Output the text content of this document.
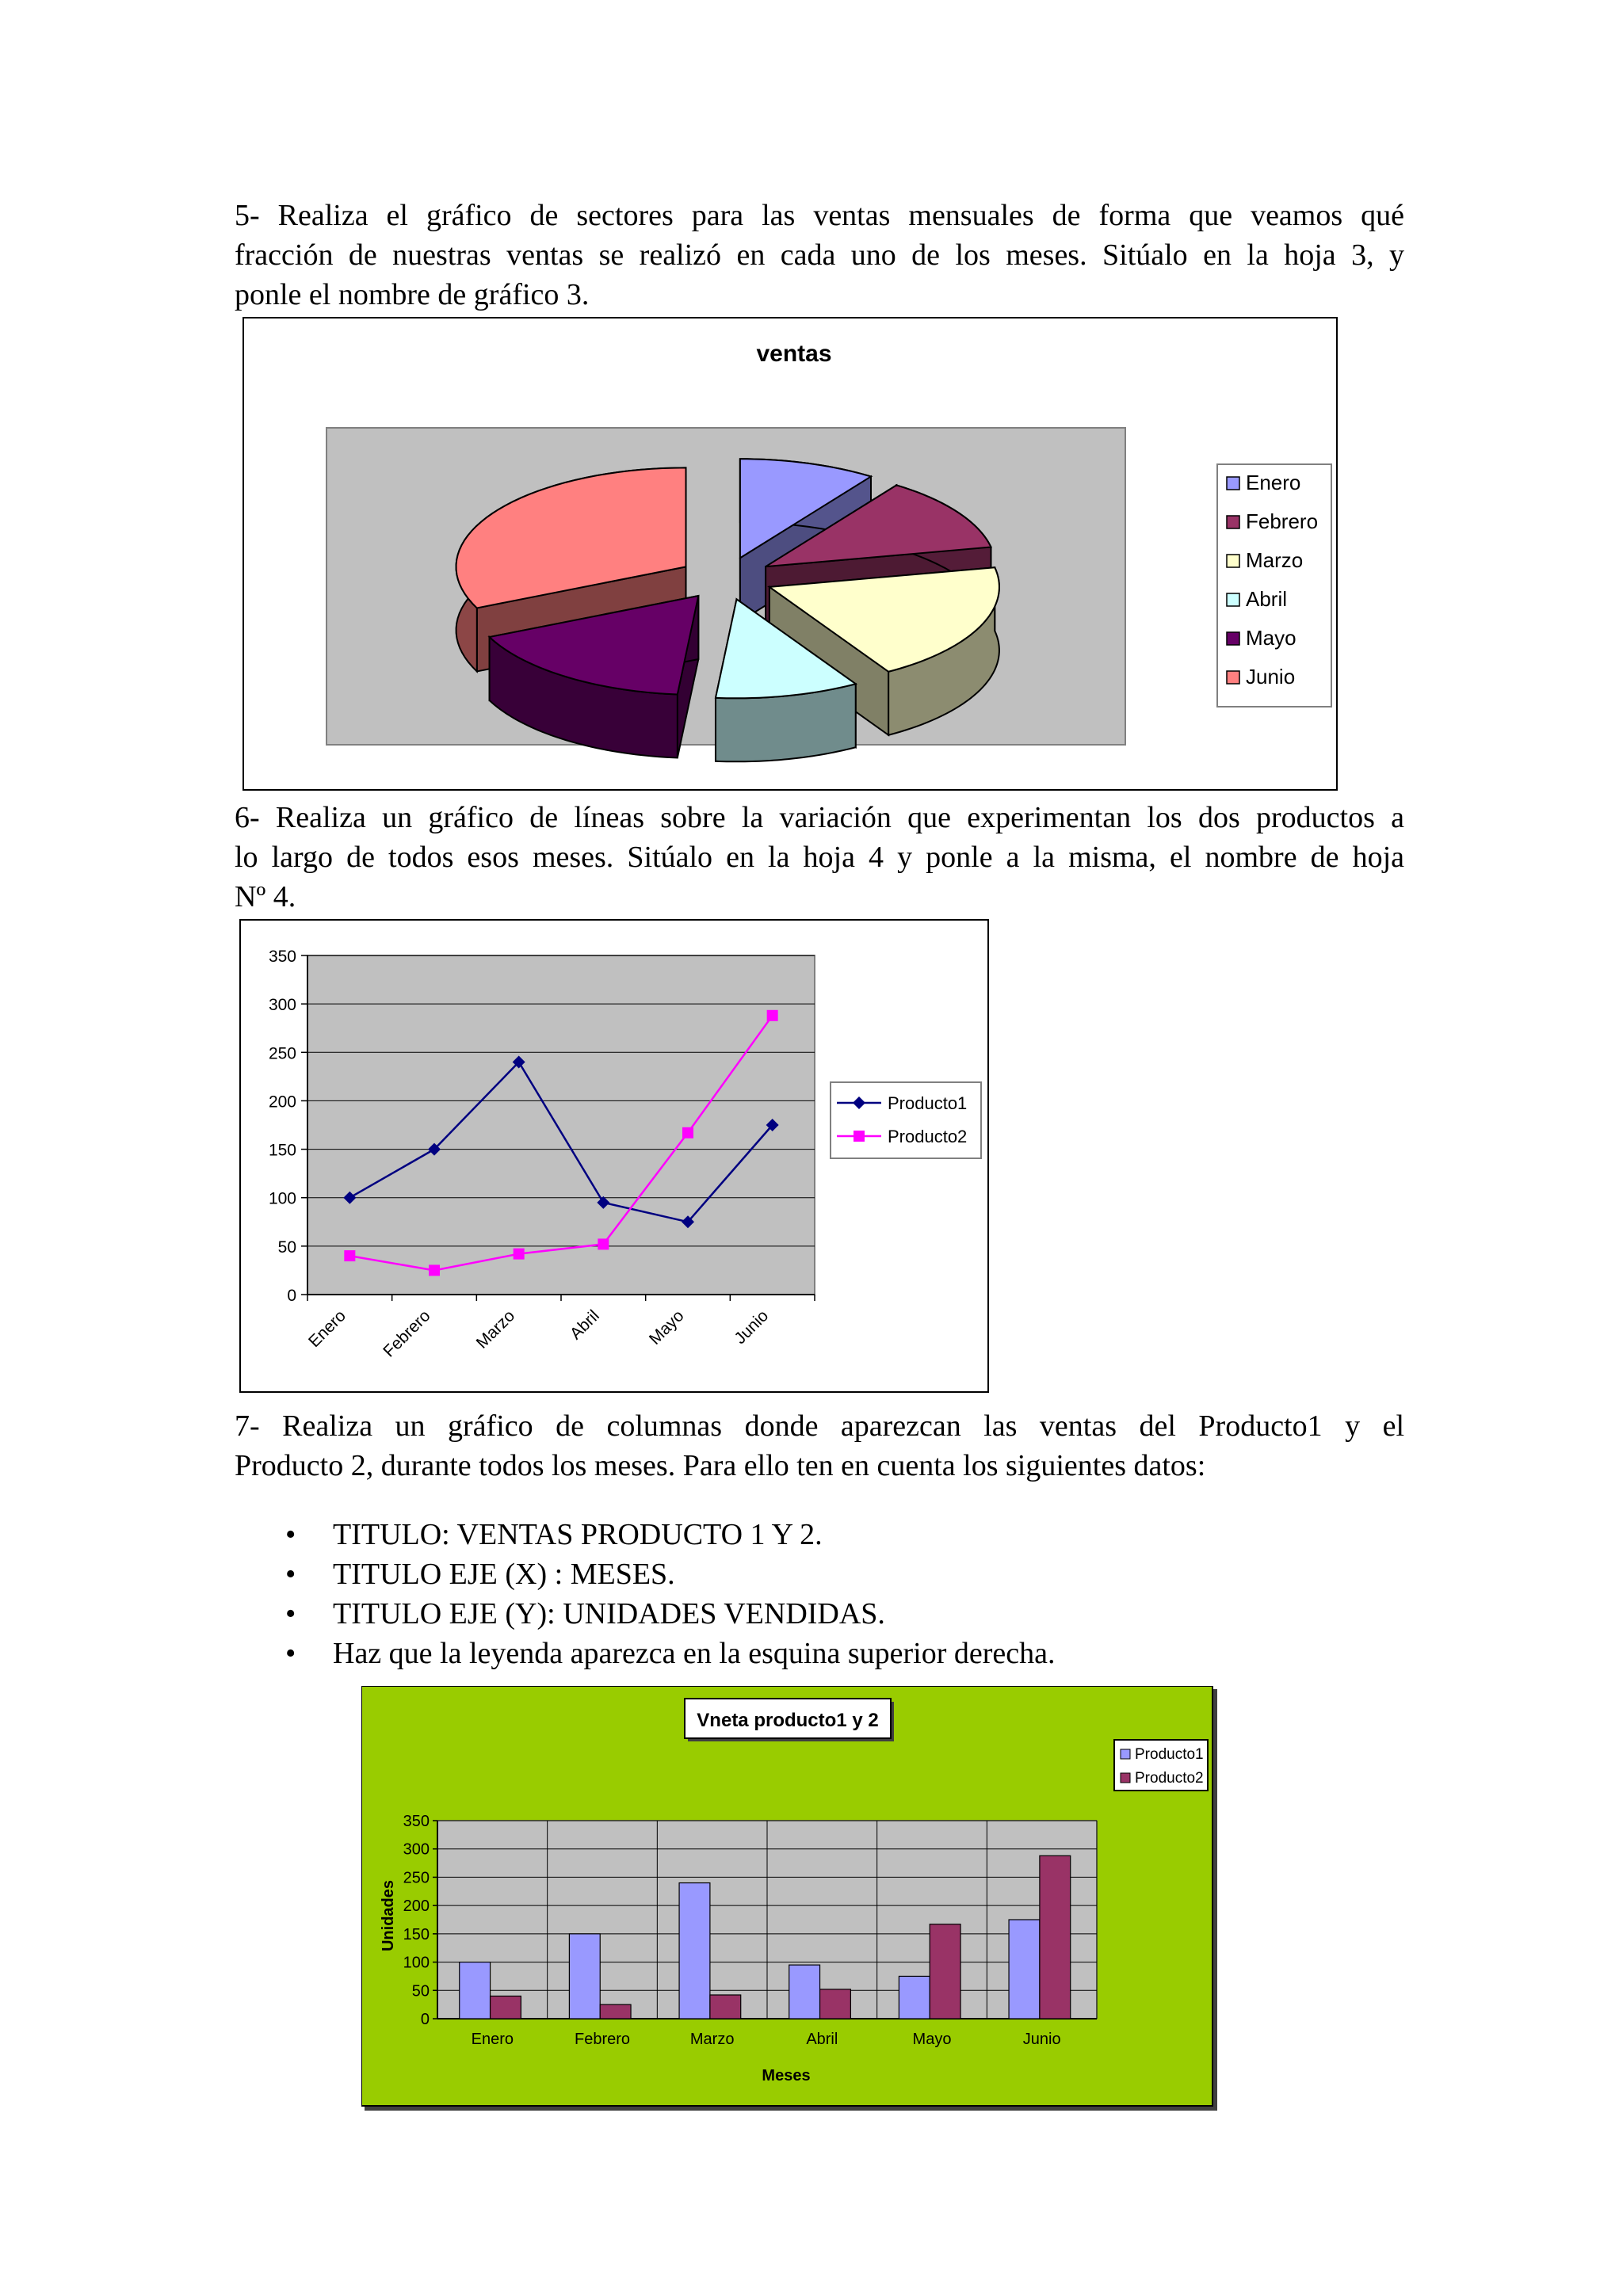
5- Realiza el gráfico de sectores para las ventas mensuales de forma que veamos qué
fracción de nuestras ventas se realizó en cada uno de los meses. Sitúalo en la hoja 3, y
ponle el nombre de gráfico 3.
ventas
Enero
Febrero
Marzo
Abril
Mayo
Junio
6- Realiza un gráfico de líneas sobre la variación que experimentan los dos productos a
lo largo de todos esos meses. Sitúalo en la hoja 4 y ponle a la misma, el nombre de hoja
Nº 4.
0
50
100
150
200
250
300
350
Enero Febrero Marzo	Abril	Mayo	Junio
Producto1
Producto2
7- Realiza un gráfico de columnas donde aparezcan las ventas del Producto1 y el
Producto 2, durante todos los meses. Para ello ten en cuenta los siguientes datos:
• TITULO: VENTAS PRODUCTO 1 Y 2.
• TITULO EJE (X) : MESES.
• TITULO EJE (Y): UNIDADES VENDIDAS.
• Haz que la leyenda aparezca en la esquina superior derecha.
Vneta producto1 y 2
0
50
100
150
200
250
300
350
Enero	Febrero	Marzo	Abril	Mayo	Junio
Meses
Unidades
Producto1
Producto2
